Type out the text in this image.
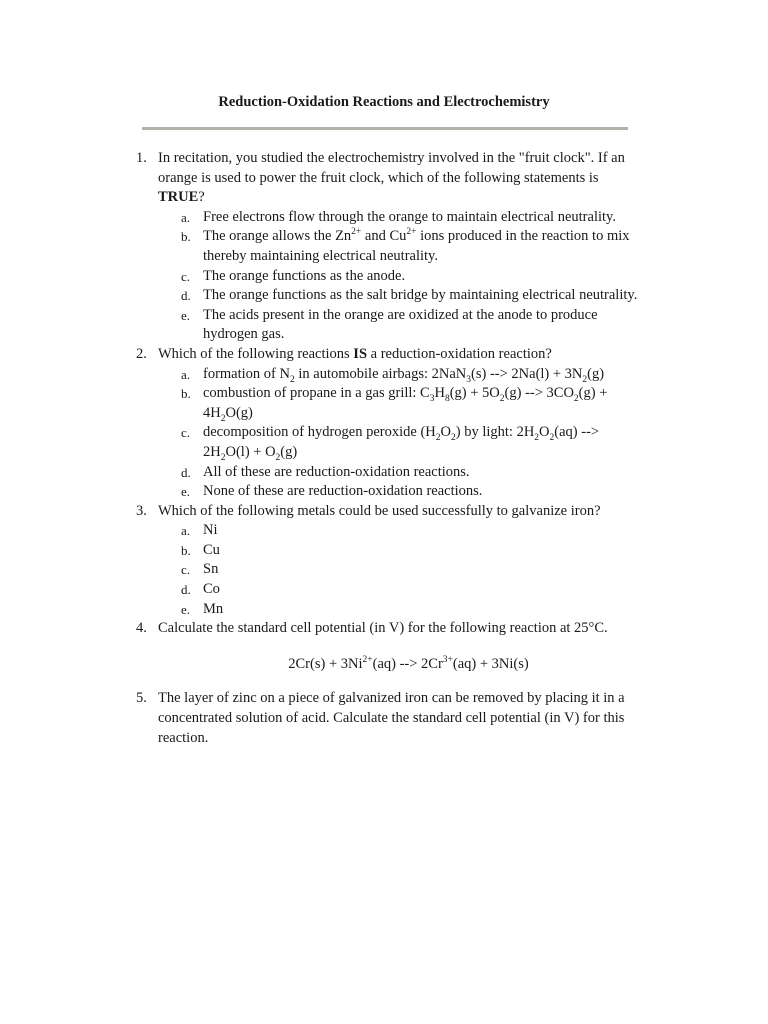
Reduction-Oxidation Reactions and Electrochemistry
1. In recitation, you studied the electrochemistry involved in the "fruit clock". If an orange is used to power the fruit clock, which of the following statements is TRUE?
a. Free electrons flow through the orange to maintain electrical neutrality.
b. The orange allows the $Zn^{2+}$ and $Cu^{2+}$ ions produced in the reaction to mix thereby maintaining electrical neutrality.
c. The orange functions as the anode.
d. The orange functions as the salt bridge by maintaining electrical neutrality.
e. The acids present in the orange are oxidized at the anode to produce hydrogen gas.
2. Which of the following reactions IS a reduction-oxidation reaction?
a. formation of $N_2$ in automobile airbags: 2NaN$_3$(s) --> $2Na(l) + 3N_2(g)$
b. combustion of propane in a gas grill: $C_3H_8(g) + 5O_2(g)$ --> $3CO_2(g) + 4H_2O(g)$
c. decomposition of hydrogen peroxide $(H_2O_2)$ by light: $2H_2O_2(aq)$ --> $2H_2O(l) + O_2(g)$
d. All of these are reduction-oxidation reactions.
e. None of these are reduction-oxidation reactions.
3. Which of the following metals could be used successfully to galvanize iron?
a. Ni
b. Cu
c. Sn
d. Co
e. Mn
4. Calculate the standard cell potential (in V) for the following reaction at 25°C.
$2Cr(s) + 3Ni^{2+}(aq)$ --> $2Cr^{3+}(aq) + 3Ni(s)$
5. The layer of zinc on a piece of galvanized iron can be removed by placing it in a concentrated solution of acid. Calculate the standard cell potential (in V) for this reaction.
